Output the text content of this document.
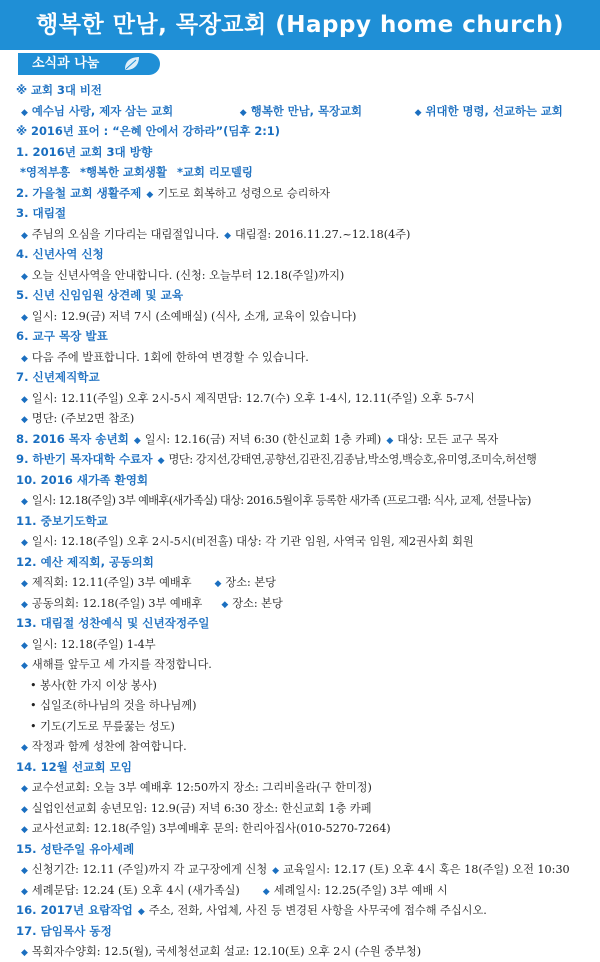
행복한 만남, 목장교회 (Happy home church)
소식과 나눔
※ 교회 3대 비전
◆ 예수님 사랑, 제자 삼는 교회	◆ 행복한 만남, 목장교회	◆ 위대한 명령, 선교하는 교회
※ 2016년 표어 : “은혜 안에서 강하라”(딤후 2:1)
1. 2016년 교회 3대 방향
*영적부흥 *행복한 교회생활 *교회 리모델링
2. 가을철 교회 생활주제 ◆ 기도로 회복하고 성령으로 승리하자
3. 대림절
◆ 주님의 오심을 기다리는 대림절입니다. ◆ 대림절: 2016.11.27.~12.18(4주)
4. 신년사역 신청
◆ 오늘 신년사역을 안내합니다. (신청: 오늘부터 12.18(주일)까지)
5. 신년 신임임원 상견례 및 교육
◆ 일시: 12.9(금) 저녁 7시 (소예배실) (식사, 소개, 교육이 있습니다)
6. 교구 목장 발표
◆ 다음 주에 발표합니다. 1회에 한하여 변경할 수 있습니다.
7. 신년제직학교
◆ 일시: 12.11(주일) 오후 2시-5시 제직면담: 12.7(수) 오후 1-4시, 12.11(주일) 오후 5-7시
◆ 명단: (주보2면 참조)
8. 2016 목자 송년회 ◆ 일시: 12.16(금) 저녁 6:30 (한신교회 1층 카페) ◆ 대상: 모든 교구 목자
9. 하반기 목자대학 수료자 ◆ 명단: 강지선,강태연,공향선,김관진,김종남,박소영,백승호,유미영,조미숙,허선행
10. 2016 새가족 환영회
◆ 일시: 12.18(주일) 3부 예배후(새가족실) 대상: 2016.5월이후 등록한 새가족 (프로그램: 식사, 교제, 선물나눔)
11. 중보기도학교
◆ 일시: 12.18(주일) 오후 2시-5시(비전홀) 대상: 각 기관 임원, 사역국 임원, 제2권사회 회원
12. 예산 제직회, 공동의회
◆ 제직회: 12.11(주일) 3부 예배후	◆ 장소: 본당
◆ 공동의회: 12.18(주일) 3부 예배후 ◆ 장소: 본당
13. 대림절 성찬예식 및 신년작정주일
◆ 일시: 12.18(주일) 1-4부
◆ 새해를 앞두고 세 가지를 작정합니다.
• 봉사(한 가지 이상 봉사)
• 십일조(하나님의 것을 하나님께)
• 기도(기도로 무릎꿇는 성도)
◆ 작정과 함께 성찬에 참여합니다.
14. 12월 선교회 모임
◆ 교수선교회: 오늘 3부 예배후 12:50까지 장소: 그리비올라(구 한미정)
◆ 실업인선교회 송년모임: 12.9(금) 저녁 6:30 장소: 한신교회 1층 카페
◆ 교사선교회: 12.18(주일) 3부예배후 문의: 한리아집사(010-5270-7264)
15. 성탄주일 유아세례
◆ 신청기간: 12.11 (주일)까지 각 교구장에게 신청 ◆ 교육일시: 12.17 (토) 오후 4시 혹은 18(주일) 오전 10:30
◆ 세례문답: 12.24 (토) 오후 4시 (새가족실)	◆ 세례일시: 12.25(주일) 3부 예배 시
16. 2017년 요람작업 ◆ 주소, 전화, 사업체, 사진 등 변경된 사항을 사무국에 접수해 주십시오.
17. 담임목사 동정
◆ 목회자수양회: 12.5(월), 국세청선교회 설교: 12.10(토) 오후 2시 (수원 중부청)
